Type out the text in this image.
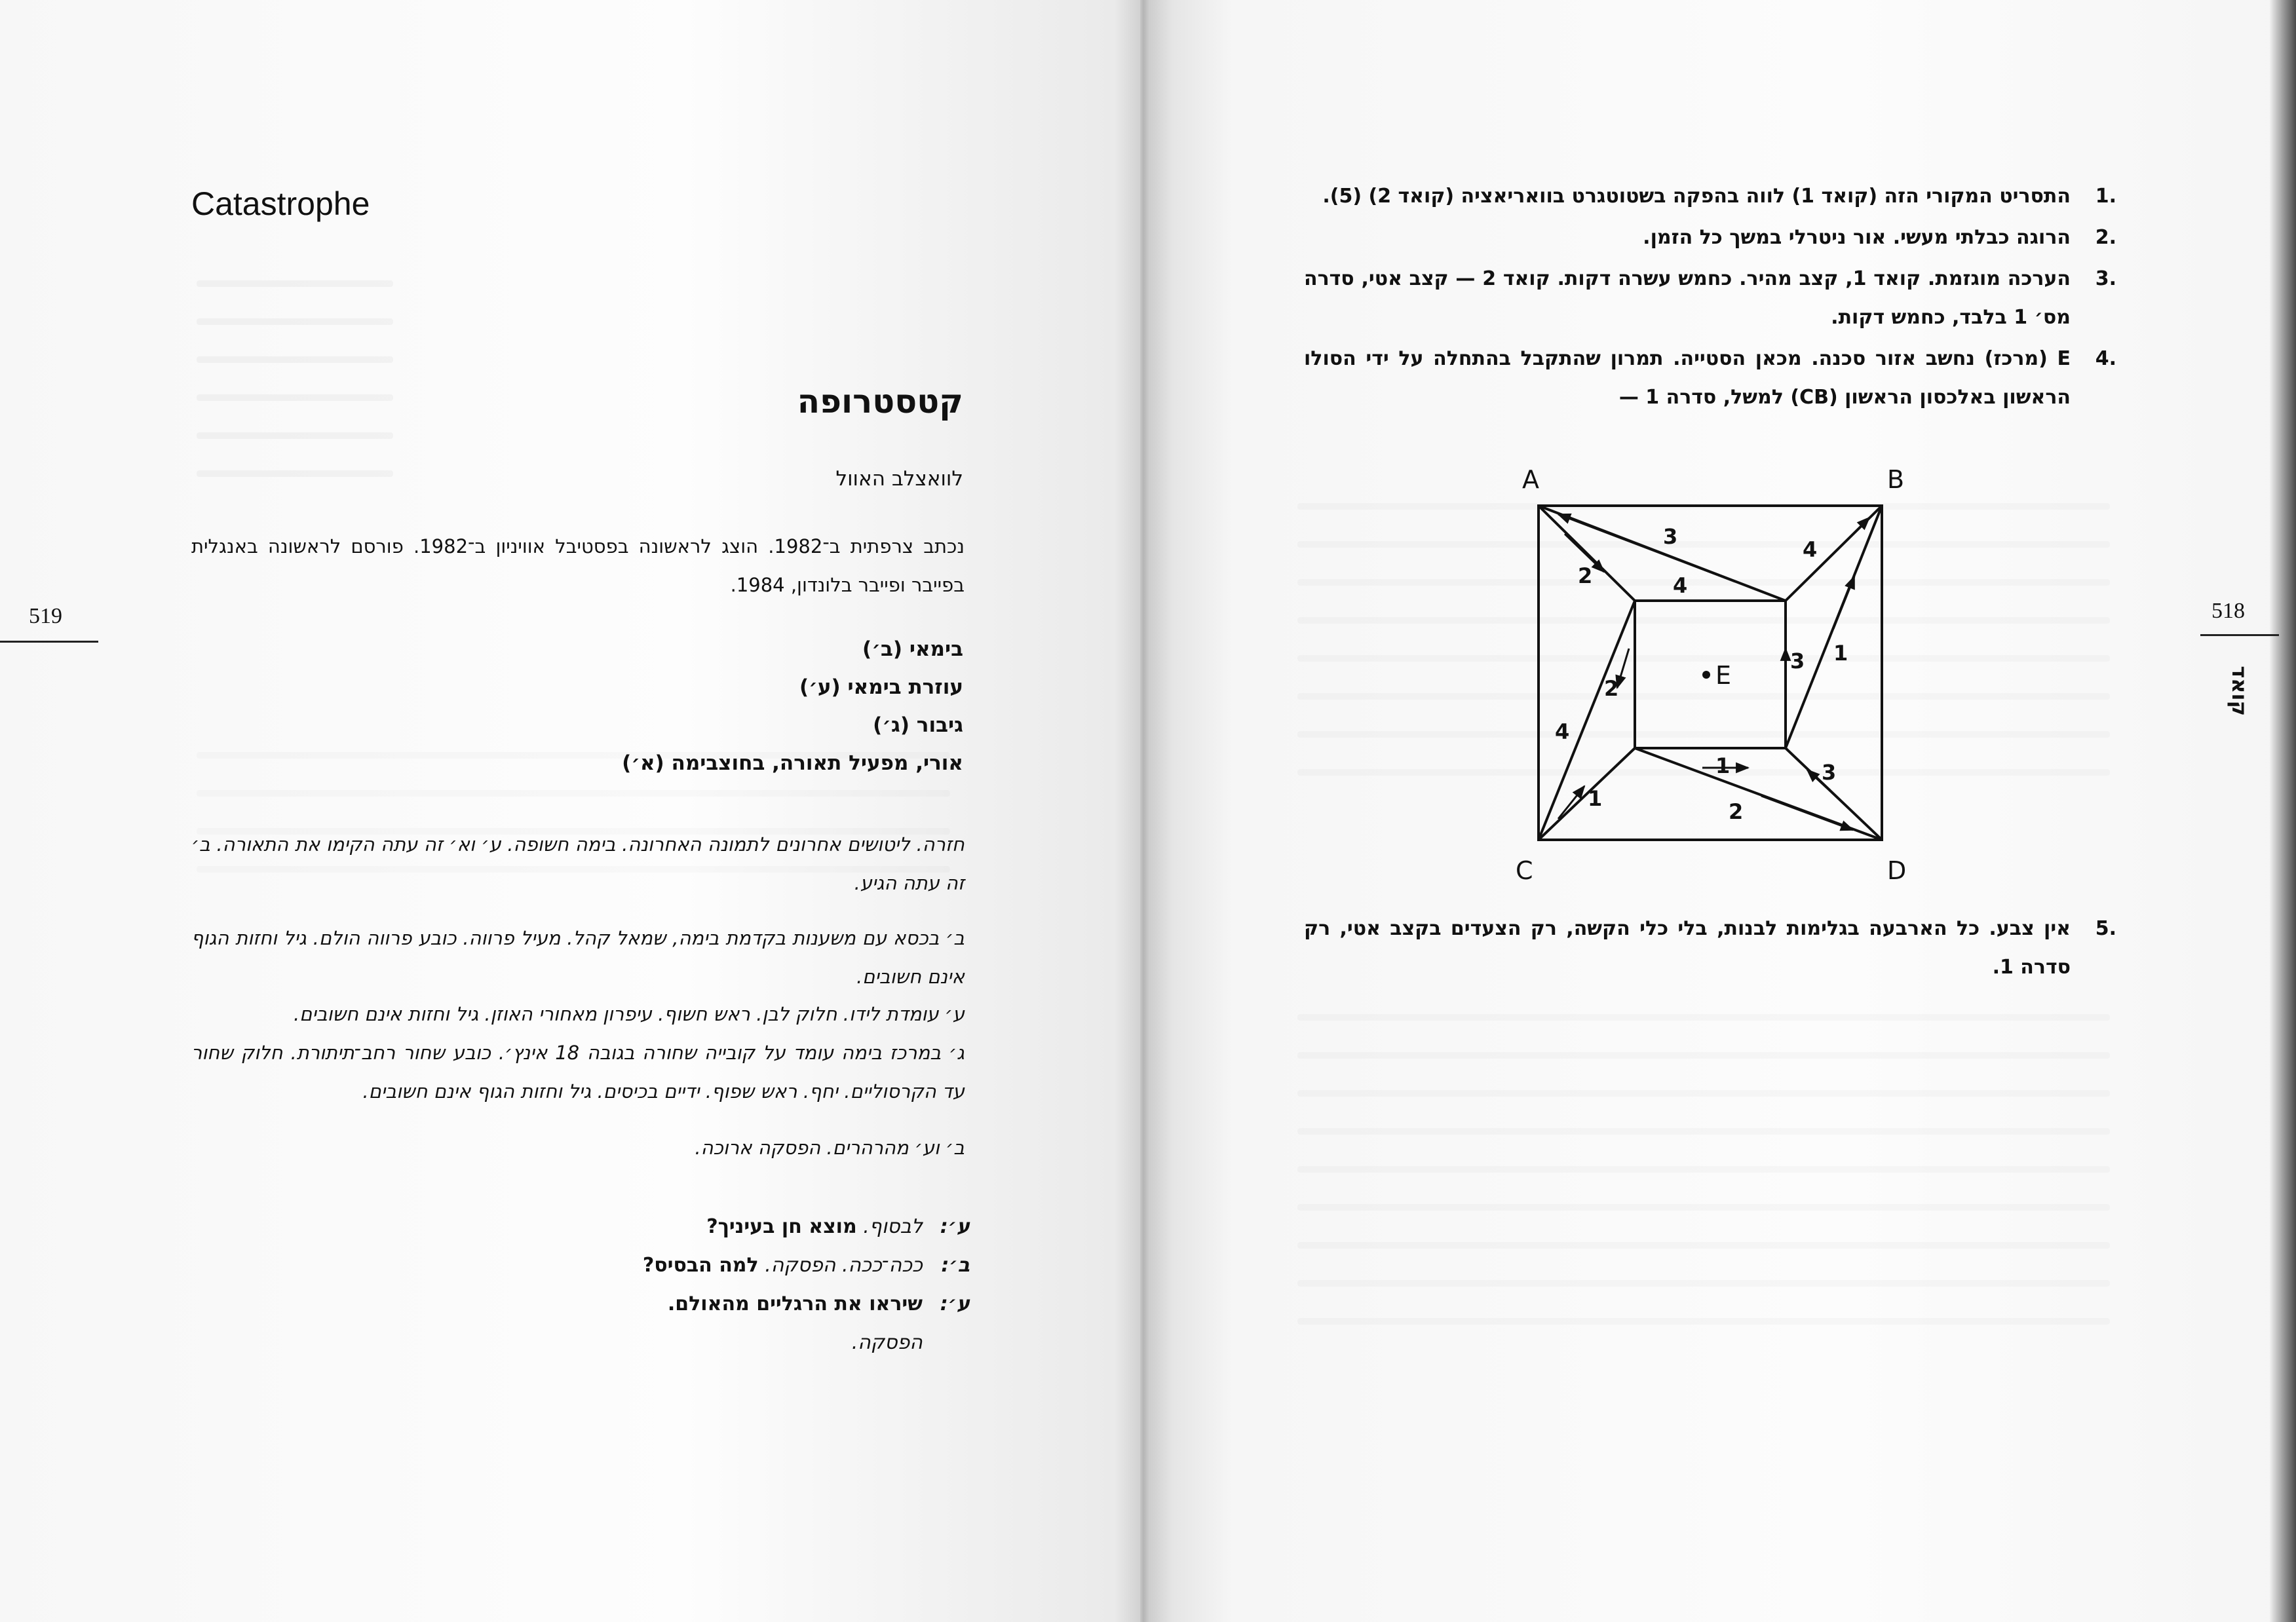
Catastrophe
קטסטרופה
לוואצלב האוול
נכתב צרפתית ב־1982. הוצג לראשונה בפסטיבל אוויניון ב־1982. פורסם לראשונה באנגלית בפייבר ופייבר בלונדון, 1984.
בימאי (ב׳)
עוזרת בימאי (ע׳)
גיבור (ג׳)
אורי, מפעיל תאורה, בחוצבימה (א׳)
חזרה. ליטושים אחרונים לתמונה האחרונה. בימה חשופה. ע׳ וא׳ זה עתה הקימו את התאורה. ב׳ זה עתה הגיע.
ב׳ בכסא עם משענות בקדמת בימה, שמאל קהל. מעיל פרווה. כובע פרווה הולם. גיל וחזות הגוף אינם חשובים.
ע׳ עומדת לידו. חלוק לבן. ראש חשוף. עיפרון מאחורי האוזן. גיל וחזות אינם חשובים.
ג׳ במרכז בימה עומד על קובייה שחורה בגובה 18 אינץ׳. כובע שחור רחב־תיתורת. חלוק שחור עד הקרסוליים. יחף. ראש שפוף. ידיים בכיסים. גיל וחזות הגוף אינם חשובים.
ב׳ וע׳ מהרהרים. הפסקה ארוכה.
ע׳:לבסוף. מוצא חן בעיניך?
ב׳:ככה־ככה. הפסקה. למה הבסיס?
ע׳:שיראו את הרגליים מהאולם.
הפסקה.
519
1.
התסריט המקורי הזה (קואד 1) לווה בהפקה בשטוטגרט בוואריאציה (קואד 2) (5).
2.
הרוגה כבלתי מעשי. אור ניטרלי במשך כל הזמן.
3.
הערכה מוגזמת. קואד 1, קצב מהיר. כחמש עשרה דקות. קואד 2 — קצב אטי, סדרה מס׳ 1 בלבד, כחמש דקות.
4.
E (מרכז) נחשב אזור סכנה. מכאן הסטייה. תמרון שהתקבל בהתחלה על ידי הסולו הראשון באלכסון הראשון (CB) למשל, סדרה 1 —
A	B
C	D
E
3
4
2
4
1
2
3
4
1
2
1	3
5.
אין צבע. כל הארבעה בגלימות לבנות, בלי כלי הקשה, רק הצעדים בקצב אטי, רק סדרה 1.
518
קואד
